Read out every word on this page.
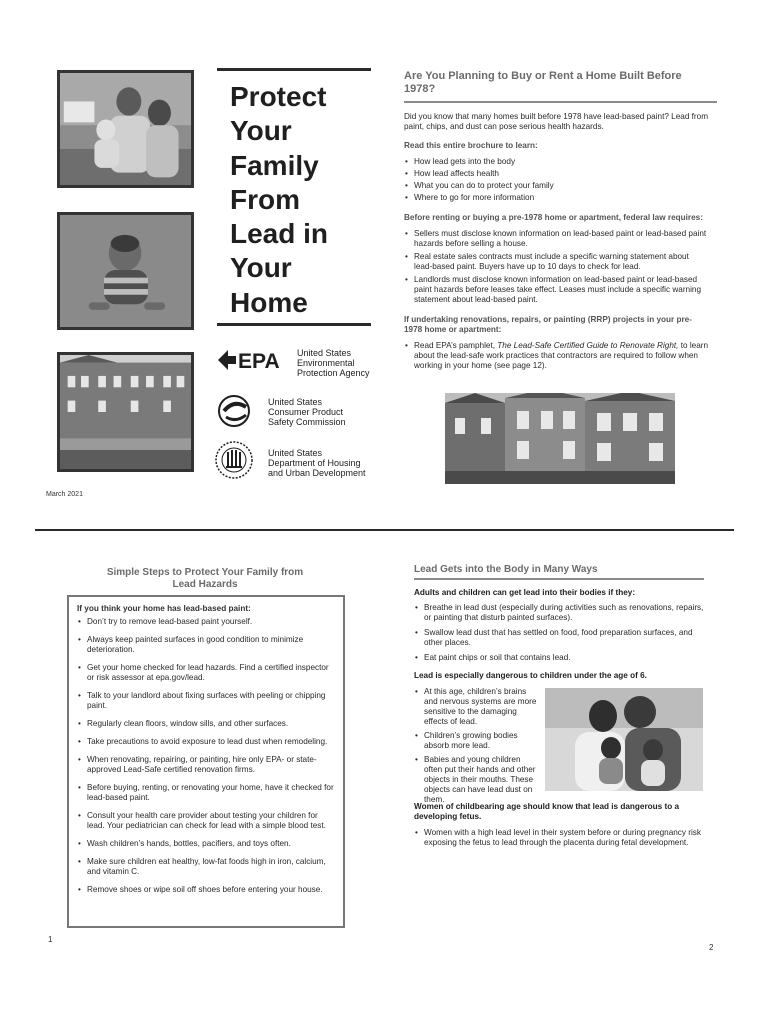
Protect
Your
Family
From
Lead in
Your
Home
EPA United States
Environmental
Protection Agency
United States
Consumer Product
Safety Commission
United States
Department of Housing
and Urban Development
March 2021
Are You Planning to Buy or Rent a Home Built Before 1978?
Did you know that many homes built before 1978 have lead-based paint? Lead from paint, chips, and dust can pose serious health hazards.
Read this entire brochure to learn:
• How lead gets into the body
• How lead affects health
• What you can do to protect your family
• Where to go for more information
Before renting or buying a pre-1978 home or apartment, federal law requires:
• Sellers must disclose known information on lead-based paint or lead-based paint hazards before selling a house.
• Real estate sales contracts must include a specific warning statement about lead-based paint. Buyers have up to 10 days to check for lead.
• Landlords must disclose known information on lead-based paint or lead-based paint hazards before leases take effect. Leases must include a specific warning statement about lead-based paint.
If undertaking renovations, repairs, or painting (RRP) projects in your pre-1978 home or apartment:
• Read EPA’s pamphlet, The Lead-Safe Certified Guide to Renovate Right, to learn about the lead-safe work practices that contractors are required to follow when working in your home (see page 12).
Simple Steps to Protect Your Family from Lead Hazards
If you think your home has lead-based paint:
• Don’t try to remove lead-based paint yourself.
• Always keep painted surfaces in good condition to minimize deterioration.
• Get your home checked for lead hazards. Find a certified inspector or risk assessor at epa.gov/lead.
• Talk to your landlord about fixing surfaces with peeling or chipping paint.
• Regularly clean floors, window sills, and other surfaces.
• Take precautions to avoid exposure to lead dust when remodeling.
• When renovating, repairing, or painting, hire only EPA- or state-approved Lead-Safe certified renovation firms.
• Before buying, renting, or renovating your home, have it checked for lead-based paint.
• Consult your health care provider about testing your children for lead. Your pediatrician can check for lead with a simple blood test.
• Wash children’s hands, bottles, pacifiers, and toys often.
• Make sure children eat healthy, low-fat foods high in iron, calcium, and vitamin C.
• Remove shoes or wipe soil off shoes before entering your house.
1
Lead Gets into the Body in Many Ways
Adults and children can get lead into their bodies if they:
• Breathe in lead dust (especially during activities such as renovations, repairs, or painting that disturb painted surfaces).
• Swallow lead dust that has settled on food, food preparation surfaces, and other places.
• Eat paint chips or soil that contains lead.
Lead is especially dangerous to children under the age of 6.
• At this age, children’s brains and nervous systems are more sensitive to the damaging effects of lead.
• Children’s growing bodies absorb more lead.
• Babies and young children often put their hands and other objects in their mouths. These objects can have lead dust on them.
Women of childbearing age should know that lead is dangerous to a developing fetus.
• Women with a high lead level in their system before or during pregnancy risk exposing the fetus to lead through the placenta during fetal development.
2
